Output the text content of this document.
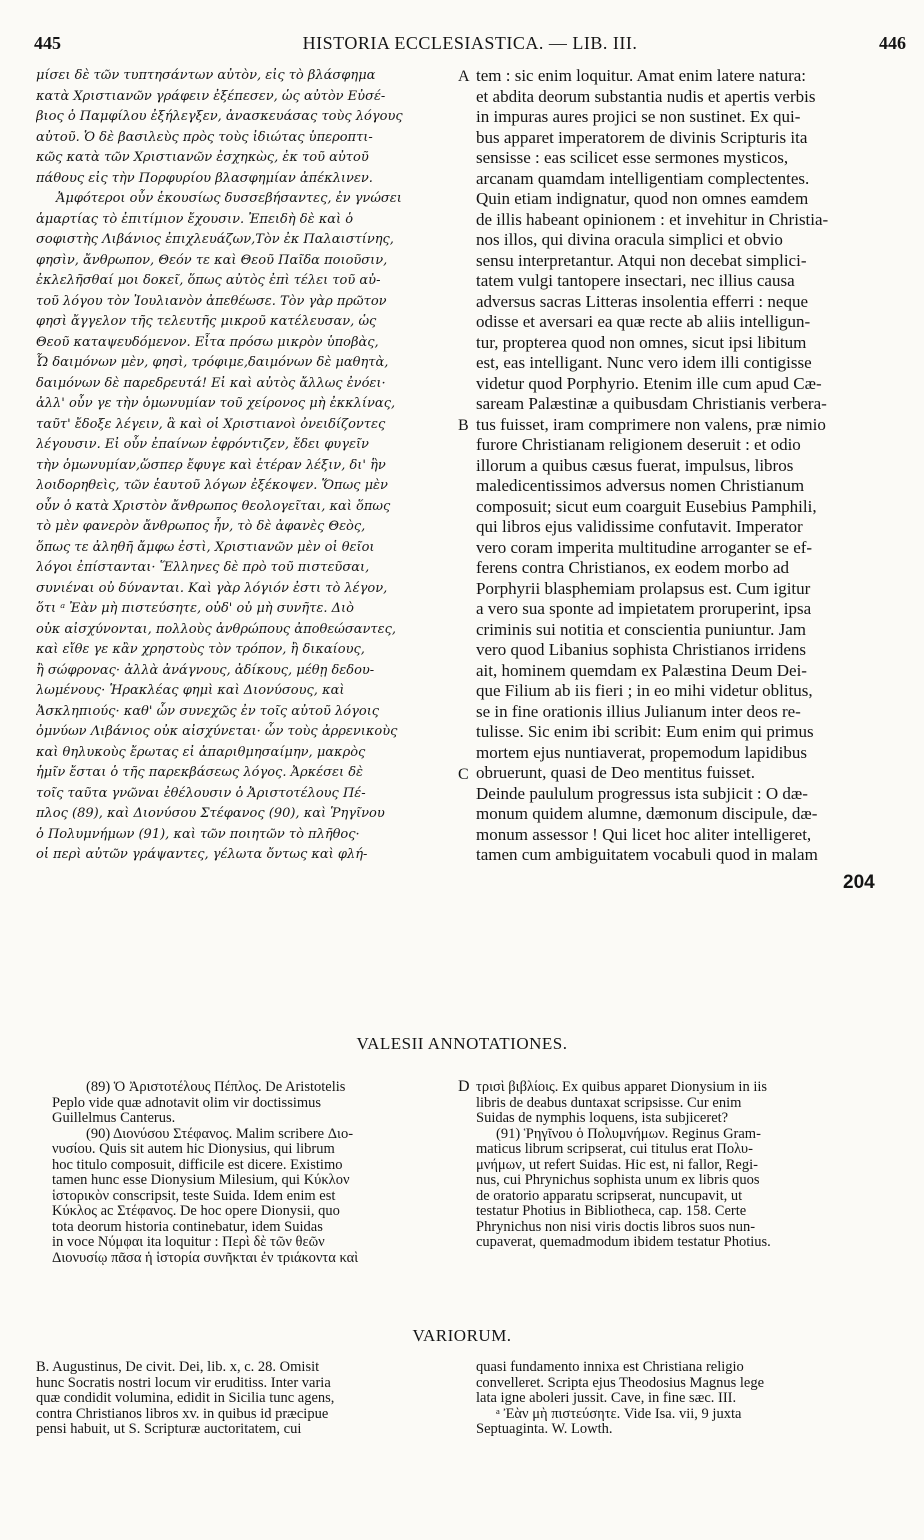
445	HISTORIA ECCLESIASTICA. — LIB. III.	446
μίσει δὲ τῶν τυπτησάντων αὐτὸν, εἰς τὸ βλάσφημα
κατὰ Χριστιανῶν γράφειν ἐξέπεσεν, ὡς αὐτὸν Εὐσέ-
βιος ὁ Παμφίλου ἐξήλεγξεν, ἀνασκευάσας τοὺς λόγους
αὐτοῦ. Ὁ δὲ βασιλεὺς πρὸς τοὺς ἰδιώτας ὑπεροπτι-
κῶς κατὰ τῶν Χριστιανῶν ἐσχηκὼς, ἐκ τοῦ αὐτοῦ
πάθους εἰς τὴν Πορφυρίου βλασφημίαν ἀπέκλινεν.
Ἀμφότεροι οὖν ἑκουσίως δυσσεβήσαντες, ἐν γνώσει
ἁμαρτίας τὸ ἐπιτίμιον ἔχουσιν. Ἐπειδὴ δὲ καὶ ὁ
σοφιστὴς Λιβάνιος ἐπιχλευάζων,Τὸν ἐκ Παλαιστίνης,
φησὶν, ἄνθρωπον, Θεόν τε καὶ Θεοῦ Παῖδα ποιοῦσιν,
ἐκλελῆσθαί μοι δοκεῖ, ὅπως αὐτὸς ἐπὶ τέλει τοῦ αὐ-
τοῦ λόγου τὸν Ἰουλιανὸν ἀπεθέωσε. Τὸν γὰρ πρῶτον
φησὶ ἄγγελον τῆς τελευτῆς μικροῦ κατέλευσαν, ὡς
Θεοῦ καταψευδόμενον. Εἶτα πρόσω μικρὸν ὑποβὰς,
Ὦ δαιμόνων μὲν, φησὶ, τρόφιμε,δαιμόνων δὲ μαθητὰ,
δαιμόνων δὲ παρεδρευτά! Εἰ καὶ αὐτὸς ἄλλως ἐνόει·
ἀλλ' οὖν γε τὴν ὁμωνυμίαν τοῦ χείρονος μὴ ἐκκλίνας,
ταῦτ' ἔδοξε λέγειν, ἃ καὶ οἱ Χριστιανοὶ ὀνειδίζοντες
λέγουσιν. Εἰ οὖν ἐπαίνων ἐφρόντιζεν, ἔδει φυγεῖν
τὴν ὁμωνυμίαν,ὥσπερ ἔφυγε καὶ ἑτέραν λέξιν, δι' ἣν
λοιδορηθεὶς, τῶν ἑαυτοῦ λόγων ἐξέκοψεν. Ὅπως μὲν
οὖν ὁ κατὰ Χριστὸν ἄνθρωπος θεολογεῖται, καὶ ὅπως
τὸ μὲν φανερὸν ἄνθρωπος ἦν, τὸ δὲ ἀφανὲς Θεὸς,
ὅπως τε ἀληθῆ ἄμφω ἐστὶ, Χριστιανῶν μὲν οἱ θεῖοι
λόγοι ἐπίστανται· Ἕλληνες δὲ πρὸ τοῦ πιστεῦσαι,
συνιέναι οὐ δύνανται. Καὶ γὰρ λόγιόν ἐστι τὸ λέγον,
ὅτι ᵃ Ἐὰν μὴ πιστεύσητε, οὐδ' οὐ μὴ συνῆτε. Διὸ
οὐκ αἰσχύνονται, πολλοὺς ἀνθρώπους ἀποθεώσαντες,
καὶ εἴθε γε κἂν χρηστοὺς τὸν τρόπον, ἢ δικαίους,
ἢ σώφρονας· ἀλλὰ ἀνάγνους, ἀδίκους, μέθῃ δεδου-
λωμένους· Ἡρακλέας φημὶ καὶ Διονύσους, καὶ
Ἀσκληπιούς· καθ' ὧν συνεχῶς ἐν τοῖς αὐτοῦ λόγοις
ὀμνύων Λιβάνιος οὐκ αἰσχύνεται· ὧν τοὺς ἀρρενικοὺς
καὶ θηλυκοὺς ἔρωτας εἰ ἀπαριθμησαίμην, μακρὸς
ἡμῖν ἔσται ὁ τῆς παρεκβάσεως λόγος. Ἀρκέσει δὲ
τοῖς ταῦτα γνῶναι ἐθέλουσιν ὁ Ἀριστοτέλους Πέ-
πλος (89), καὶ Διονύσου Στέφανος (90), καὶ Ῥηγῖνου
ὁ Πολυμνήμων (91), καὶ τῶν ποιητῶν τὸ πλῆθος·
οἱ περὶ αὐτῶν γράψαντες, γέλωτα ὄντως καὶ φλή-
tem : sic enim loquitur. Amat enim latere natura:
et abdita deorum substantia nudis et apertis verbis
in impuras aures projici se non sustinet. Ex qui-
bus apparet imperatorem de divinis Scripturis ita
sensisse : eas scilicet esse sermones mysticos,
arcanam quamdam intelligentiam complectentes.
Quin etiam indignatur, quod non omnes eamdem
de illis habeant opinionem : et invehitur in Christia-
nos illos, qui divina oracula simplici et obvio
sensu interpretantur. Atqui non decebat simplici-
tatem vulgi tantopere insectari, nec illius causa
adversus sacras Litteras insolentia efferri : neque
odisse et aversari ea quæ recte ab aliis intelligun-
tur, propterea quod non omnes, sicut ipsi libitum
est, eas intelligant. Nunc vero idem illi contigisse
videtur quod Porphyrio. Etenim ille cum apud Cæ-
saream Palæstinæ a quibusdam Christianis verbera-
tus fuisset, iram comprimere non valens, præ nimio
furore Christianam religionem deseruit : et odio
illorum a quibus cæsus fuerat, impulsus, libros
maledicentissimos adversus nomen Christianum
composuit; sicut eum coarguit Eusebius Pamphili,
qui libros ejus validissime confutavit. Imperator
vero coram imperita multitudine arroganter se ef-
ferens contra Christianos, ex eodem morbo ad
Porphyrii blasphemiam prolapsus est. Cum igitur
a vero sua sponte ad impietatem proruperint, ipsa
criminis sui notitia et conscientia puniuntur. Jam
vero quod Libanius sophista Christianos irridens
ait, hominem quemdam ex Palæstina Deum Dei-
que Filium ab iis fieri ; in eo mihi videtur oblitus,
se in fine orationis illius Julianum inter deos re-
tulisse. Sic enim ibi scribit: Eum enim qui primus
mortem ejus nuntiaverat, propemodum lapidibus
obruerunt, quasi de Deo mentitus fuisset.
Deinde paululum progressus ista subjicit : O dæ-
monum quidem alumne, dæmonum discipule, dæ-
monum assessor ! Qui licet hoc aliter intelligeret,
tamen cum ambiguitatem vocabuli quod in malam
A
B
C
D
204
VALESII ANNOTATIONES.
(89) Ὁ Ἀριστοτέλους Πέπλος. De Aristotelis
Peplo vide quæ adnotavit olim vir doctissimus
Guillelmus Canterus.
(90) Διονύσου Στέφανος. Malim scribere Διο-
νυσίου. Quis sit autem hic Dionysius, qui librum
hoc titulo composuit, difficile est dicere. Existimo
tamen hunc esse Dionysium Milesium, qui Κύκλον
ἱστορικὸν conscripsit, teste Suida. Idem enim est
Κύκλος ac Στέφανος. De hoc opere Dionysii, quo
tota deorum historia continebatur, idem Suidas
in voce Νύμφαι ita loquitur : Περὶ δὲ τῶν θεῶν
Διονυσίῳ πᾶσα ἡ ἱστορία συνῆκται ἐν τριάκοντα καὶ
τρισὶ βιβλίοις. Ex quibus apparet Dionysium in iis
libris de deabus duntaxat scripsisse. Cur enim
Suidas de nymphis loquens, ista subjiceret?
(91) Ῥηγῖνου ὁ Πολυμνήμων. Reginus Gram-
maticus librum scripserat, cui titulus erat Πολυ-
μνήμων, ut refert Suidas. Hic est, ni fallor, Regi-
nus, cui Phrynichus sophista unum ex libris quos
de oratorio apparatu scripserat, nuncupavit, ut
testatur Photius in Bibliotheca, cap. 158. Certe
Phrynichus non nisi viris doctis libros suos nun-
cupaverat, quemadmodum ibidem testatur Photius.
VARIORUM.
B. Augustinus, De civit. Dei, lib. x, c. 28. Omisit
hunc Socratis nostri locum vir eruditiss. Inter varia
quæ condidit volumina, edidit in Sicilia tunc agens,
contra Christianos libros xv. in quibus id præcipue
pensi habuit, ut S. Scripturæ auctoritatem, cui
quasi fundamento innixa est Christiana religio
convelleret. Scripta ejus Theodosius Magnus lege
lata igne aboleri jussit. Cave, in fine sæc. III.
ᵃ Ἐὰν μὴ πιστεύσητε. Vide Isa. vii, 9 juxta
Septuaginta. W. Lowth.
